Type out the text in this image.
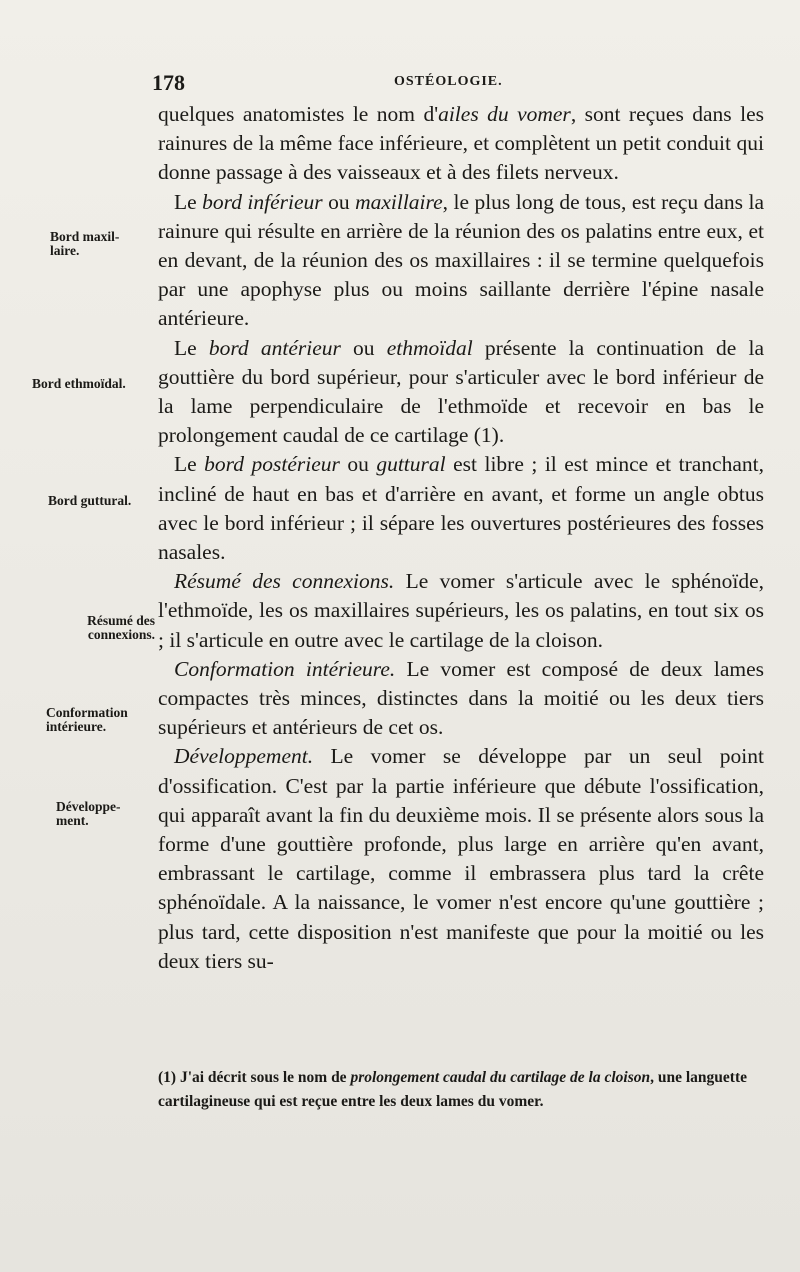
178	OSTÉOLOGIE.
Bord maxil-
laire.
Bord ethmoïdal.
Bord guttural.
Résumé des
connexions.
Conformation
intérieure.
Développe-
ment.

quelques anatomistes le nom d'ailes du vomer, sont reçues dans les rainures de la même face inférieure, et complètent un petit conduit qui donne passage à des vaisseaux et à des filets nerveux.

Le bord inférieur ou maxillaire, le plus long de tous, est reçu dans la rainure qui résulte en arrière de la réunion des os palatins entre eux, et en devant, de la réunion des os maxillaires : il se termine quelquefois par une apophyse plus ou moins saillante derrière l'épine nasale antérieure.

Le bord antérieur ou ethmoïdal présente la continuation de la gouttière du bord supérieur, pour s'articuler avec le bord inférieur de la lame perpendiculaire de l'ethmoïde et recevoir en bas le prolongement caudal de ce cartilage (1).

Le bord postérieur ou guttural est libre ; il est mince et tranchant, incliné de haut en bas et d'arrière en avant, et forme un angle obtus avec le bord inférieur ; il sépare les ouvertures postérieures des fosses nasales.

Résumé des connexions. Le vomer s'articule avec le sphénoïde, l'ethmoïde, les os maxillaires supérieurs, les os palatins, en tout six os ; il s'articule en outre avec le cartilage de la cloison.

Conformation intérieure. Le vomer est composé de deux lames compactes très minces, distinctes dans la moitié ou les deux tiers supérieurs et antérieurs de cet os.

Développement. Le vomer se développe par un seul point d'ossification. C'est par la partie inférieure que débute l'ossification, qui apparaît avant la fin du deuxième mois. Il se présente alors sous la forme d'une gouttière profonde, plus large en arrière qu'en avant, embrassant le cartilage, comme il embrassera plus tard la crête sphénoïdale. A la naissance, le vomer n'est encore qu'une gouttière ; plus tard, cette disposition n'est manifeste que pour la moitié ou les deux tiers su-

(1) J'ai décrit sous le nom de prolongement caudal du cartilage de la cloison, une languette cartilagineuse qui est reçue entre les deux lames du vomer.
